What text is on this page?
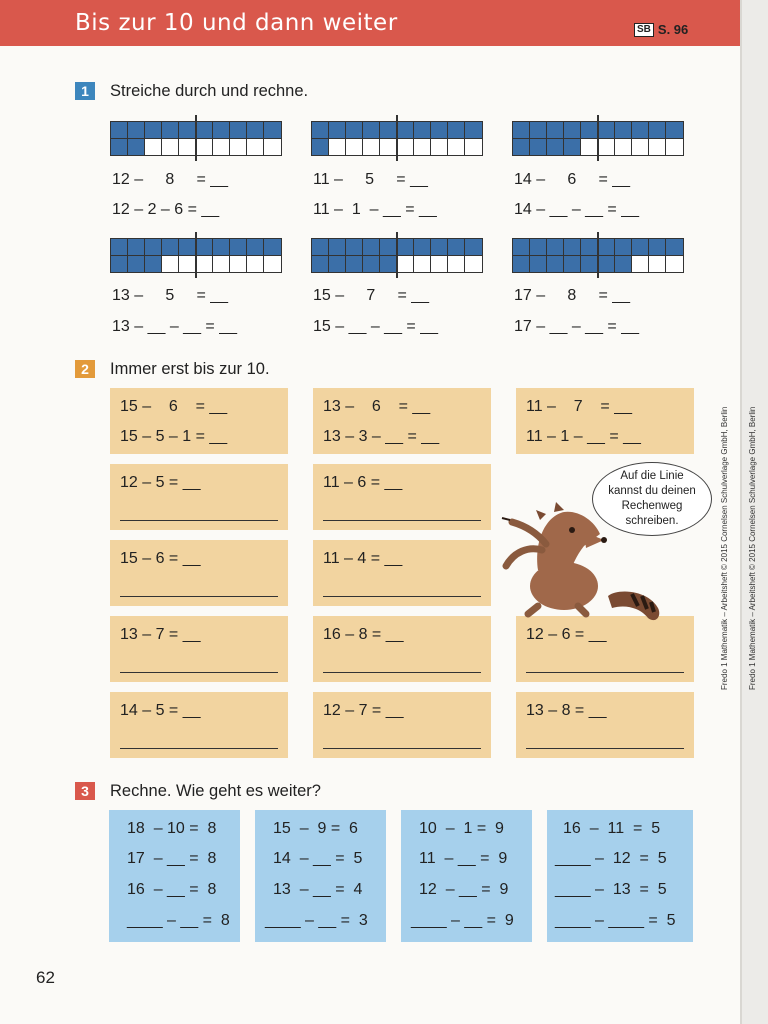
Bis zur 10 und dann weiter	SB S. 96
1	Streiche durch und rechne.
12 –     8     = __
12 – 2 – 6 = __
11 –     5     = __
11 –  1  – __ = __
14 –     6     = __
14 – __ – __ = __
13 –     5     = __
13 – __ – __ = __
15 –     7     = __
15 – __ – __ = __
17 –     8     = __
17 – __ – __ = __
2	Immer erst bis zur 10.
15 –    6    = __
15 – 5 – 1 = __
13 –    6    = __
13 – 3 – __ = __
11 –    7    = __
11 – 1 – __ = __
12 – 5 = __	11 – 6 = __
15 – 6 = __	11 – 4 = __
13 – 7 = __	16 – 8 = __	12 – 6 = __
14 – 5 = __	12 – 7 = __	13 – 8 = __
Auf die Linie kannst du deinen Rechenweg schreiben.
3	Rechne. Wie geht es weiter?
18  – 10 =  8
17  – __ =  8
16  – __ =  8
____ – __ =  8
15  –  9 =  6
14  – __ =  5
13  – __ =  4
____ – __ =  3
10  –  1 =  9
11  – __ =  9
12  – __ =  9
____ – __ =  9
16  –  11  =  5
____ –  12  =  5
____ –  13  =  5
____ – ____ =  5
Fredo 1 Mathematik – Arbeitsheft © 2015 Cornelsen Schulverlage GmbH, Berlin Fredo 1 Mathematik – Arbeitsheft © 2015 Cornelsen Schulverlage GmbH, Berlin
62
